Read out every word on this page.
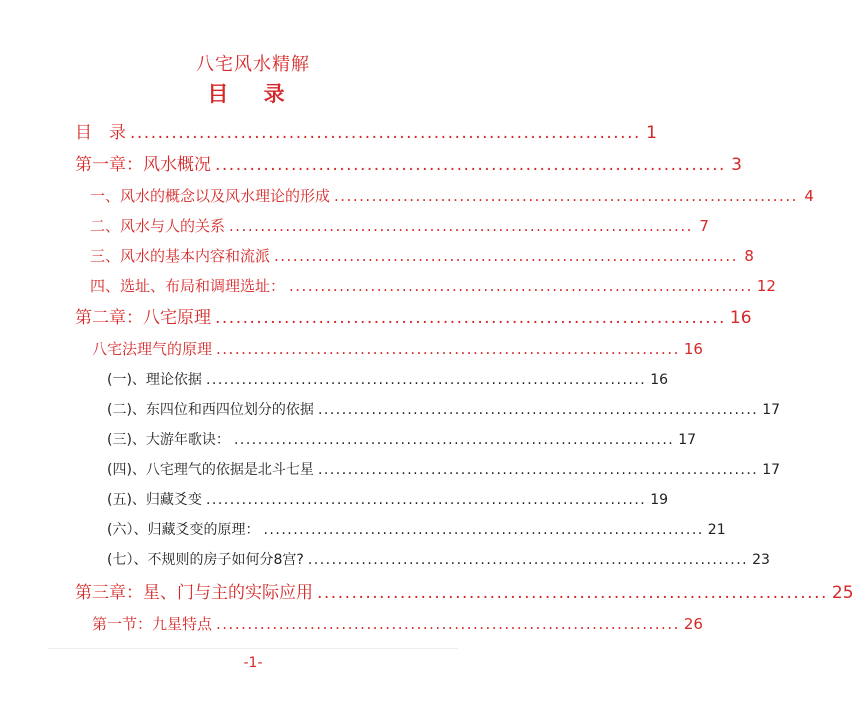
八宅风水精解
目 录
目　录 .......................................................................... 1
第一章：风水概况 .......................................................................... 3
一、风水的概念以及风水理论的形成 .......................................................................... 4
二、风水与人的关系 .......................................................................... 7
三、风水的基本内容和流派 .......................................................................... 8
四、选址、布局和调理选址： .......................................................................... 12
第二章：八宅原理 .......................................................................... 16
八宅法理气的原理 .......................................................................... 16
(一)、理论依据 .......................................................................... 16
(二)、东四位和西四位划分的依据 .......................................................................... 17
(三)、大游年歌诀： .......................................................................... 17
(四)、八宅理气的依据是北斗七星 .......................................................................... 17
(五)、归藏爻变 .......................................................................... 19
(六）、归藏爻变的原理： .......................................................................... 21
(七）、不规则的房子如何分8宫? .......................................................................... 23
第三章：星、门与主的实际应用 .......................................................................... 25
第一节：九星特点 .......................................................................... 26
-1-
